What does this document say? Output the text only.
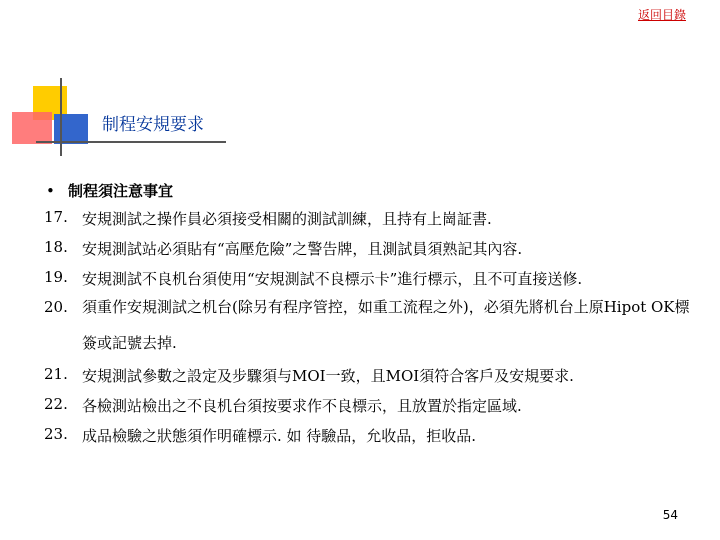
返回目錄
制程安規要求
• 制程須注意事宜
17. 安規測試之操作員必須接受相關的測試訓練，且持有上崗証書.
18. 安規測試站必須貼有“高壓危險”之警告牌，且測試員須熟記其內容.
19. 安規測試不良机台須使用“安規測試不良標示卡”進行標示，且不可直接送修.
20. 須重作安規測試之机台(除另有程序管控，如重工流程之外)，必須先將机台上原Hipot OK標簽或記號去掉.
21. 安規測試參數之設定及步驟須与MOI一致，且MOI須符合客戶及安規要求.
22. 各檢測站檢出之不良机台須按要求作不良標示，且放置於指定區域.
23. 成品檢驗之狀態須作明確標示. 如 待驗品，允收品，拒收品.
54
